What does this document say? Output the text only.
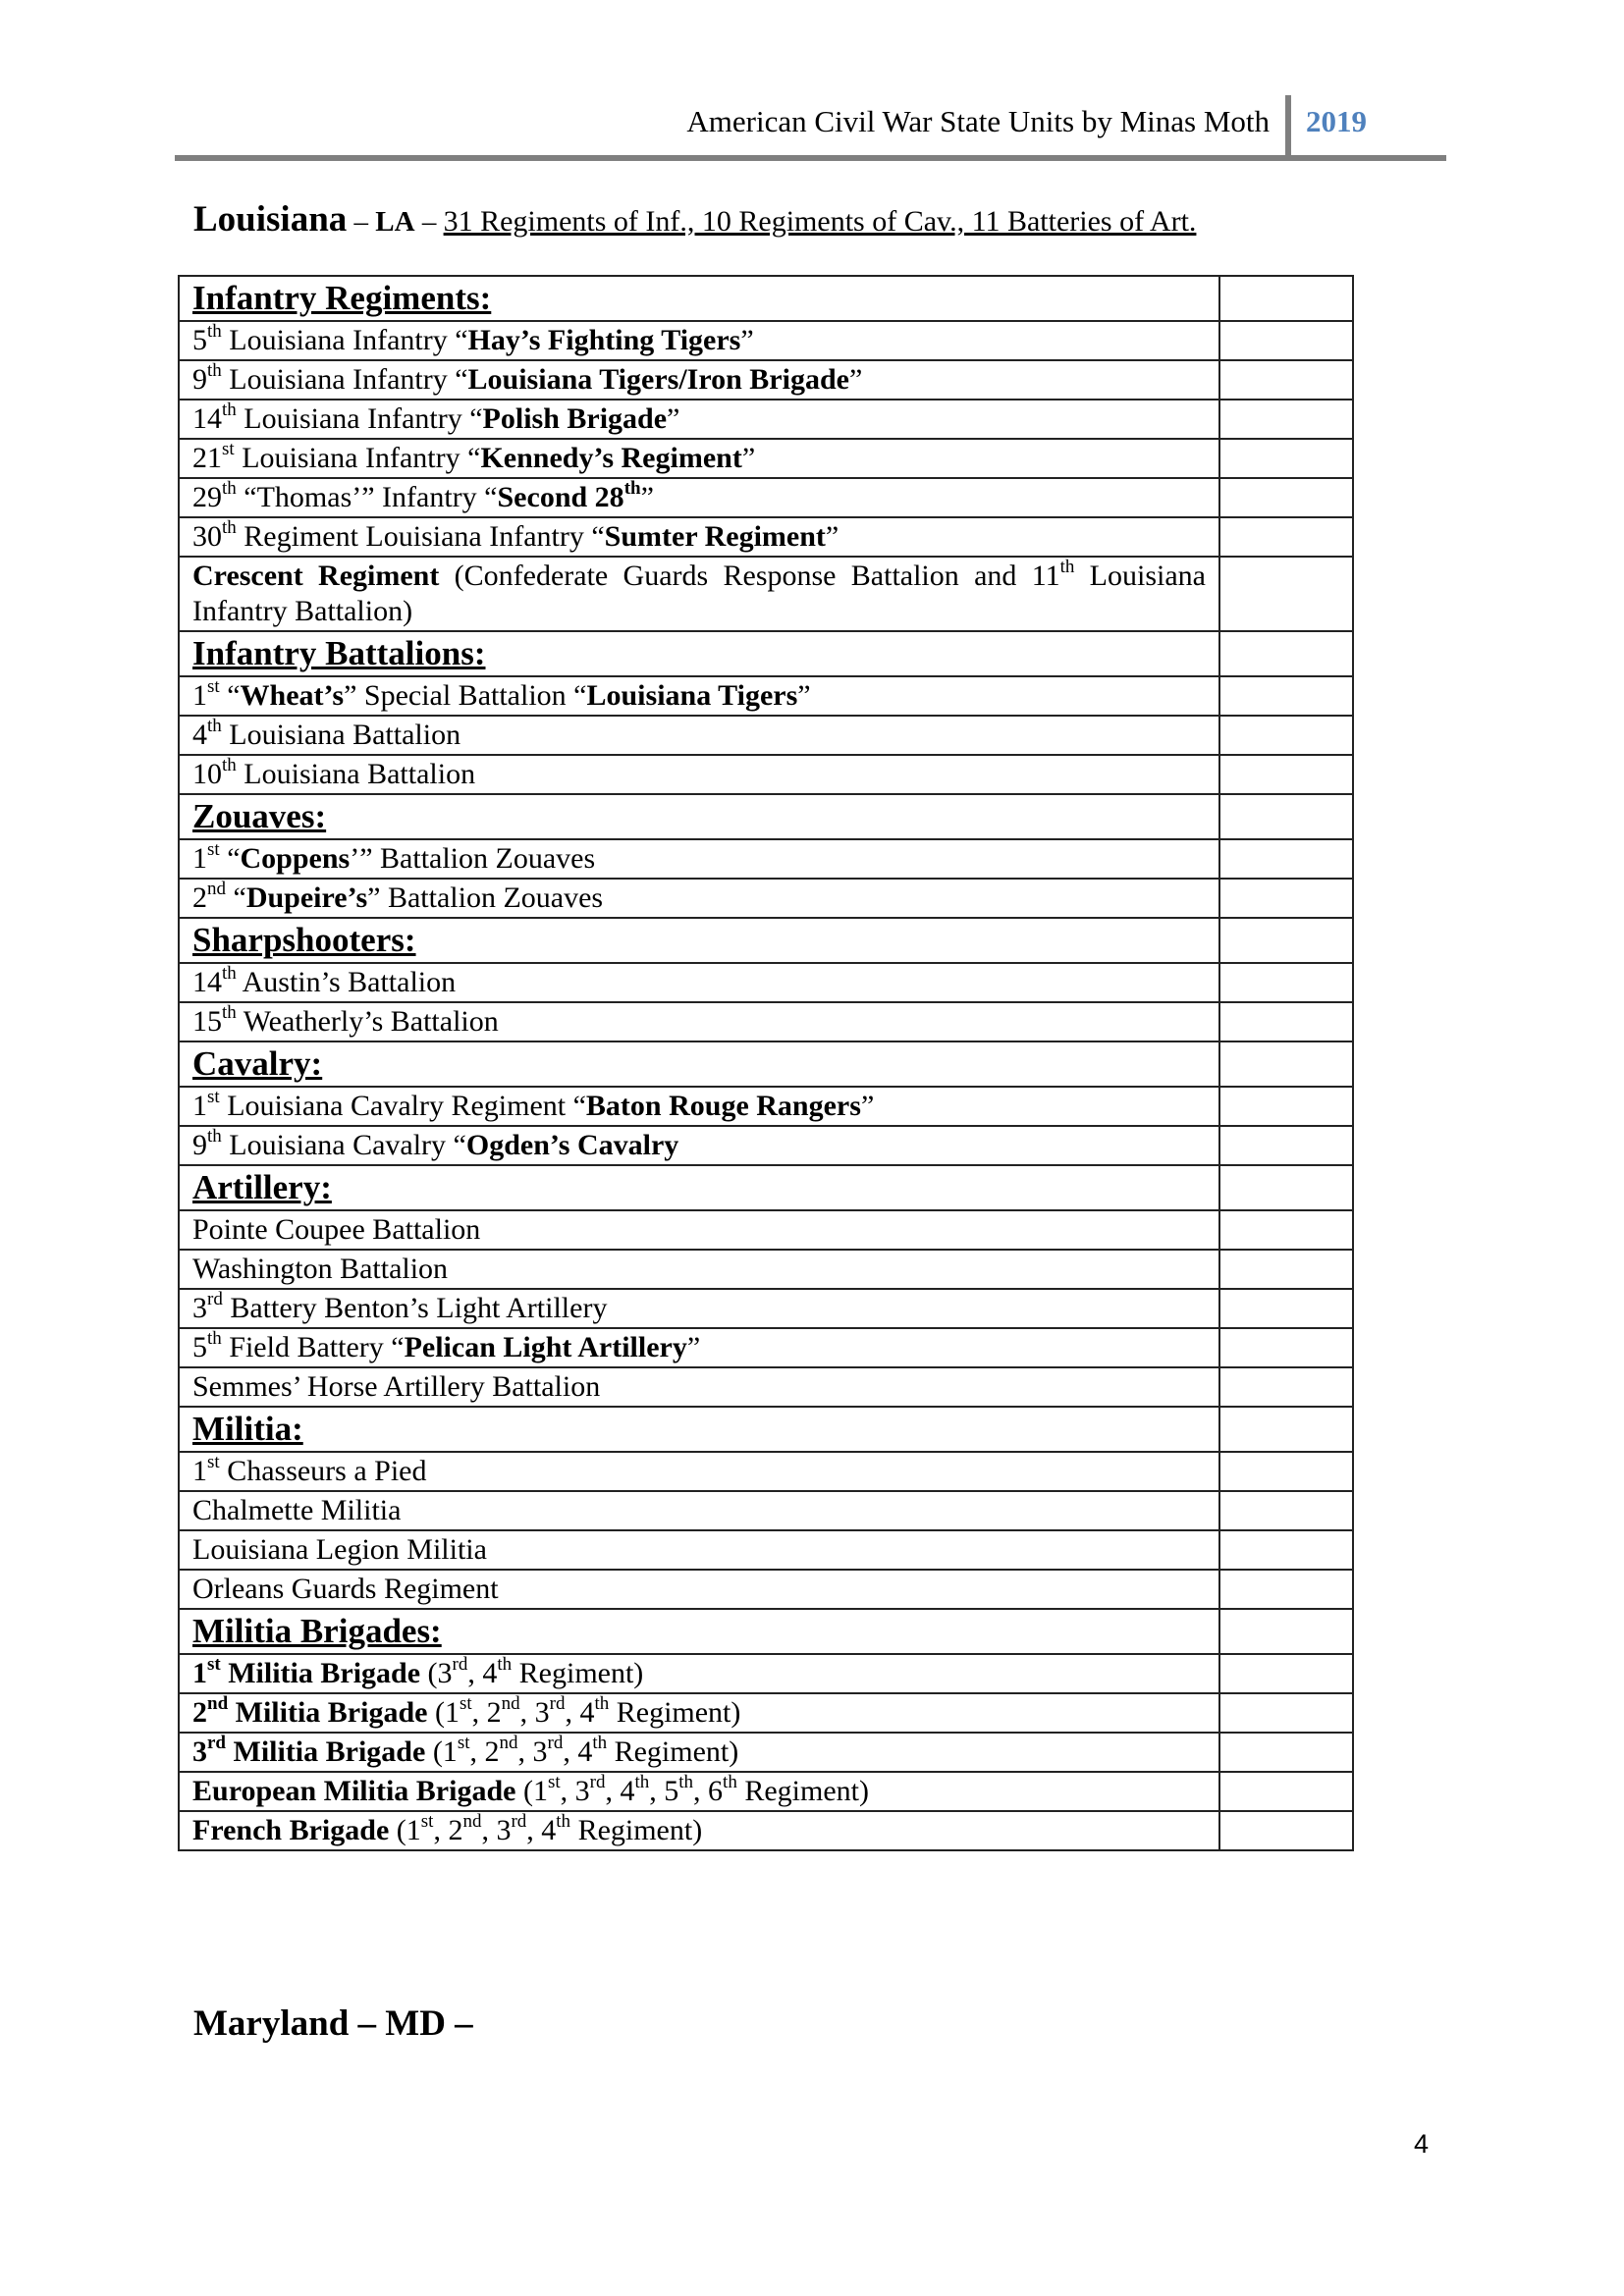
American Civil War State Units by Minas Moth 2019
Louisiana – LA – 31 Regiments of Inf., 10 Regiments of Cav., 11 Batteries of Art.
Infantry Regiments:	
5th Louisiana Infantry “Hay’s Fighting Tigers”	
9th Louisiana Infantry “Louisiana Tigers/Iron Brigade”	
14th Louisiana Infantry “Polish Brigade”	
21st Louisiana Infantry “Kennedy’s Regiment”	
29th “Thomas’” Infantry “Second 28th”	
30th Regiment Louisiana Infantry “Sumter Regiment”	
Crescent Regiment (Confederate Guards Response Battalion and 11th Louisiana Infantry Battalion)	
Infantry Battalions:	
1st “Wheat’s” Special Battalion “Louisiana Tigers”	
4th Louisiana Battalion	
10th Louisiana Battalion	
Zouaves:	
1st “Coppens’” Battalion Zouaves	
2nd “Dupeire’s” Battalion Zouaves	
Sharpshooters:	
14th Austin’s Battalion	
15th Weatherly’s Battalion	
Cavalry:	
1st Louisiana Cavalry Regiment “Baton Rouge Rangers”	
9th Louisiana Cavalry “Ogden’s Cavalry	
Artillery:	
Pointe Coupee Battalion	
Washington Battalion	
3rd Battery Benton’s Light Artillery	
5th Field Battery “Pelican Light Artillery”	
Semmes’ Horse Artillery Battalion	
Militia:	
1st Chasseurs a Pied	
Chalmette Militia	
Louisiana Legion Militia	
Orleans Guards Regiment	
Militia Brigades:	
1st Militia Brigade (3rd, 4th Regiment)	
2nd Militia Brigade (1st, 2nd, 3rd, 4th Regiment)	
3rd Militia Brigade (1st, 2nd, 3rd, 4th Regiment)	
European Militia Brigade (1st, 3rd, 4th, 5th, 6th Regiment)	
French Brigade (1st, 2nd, 3rd, 4th Regiment)	
Maryland – MD –
4
